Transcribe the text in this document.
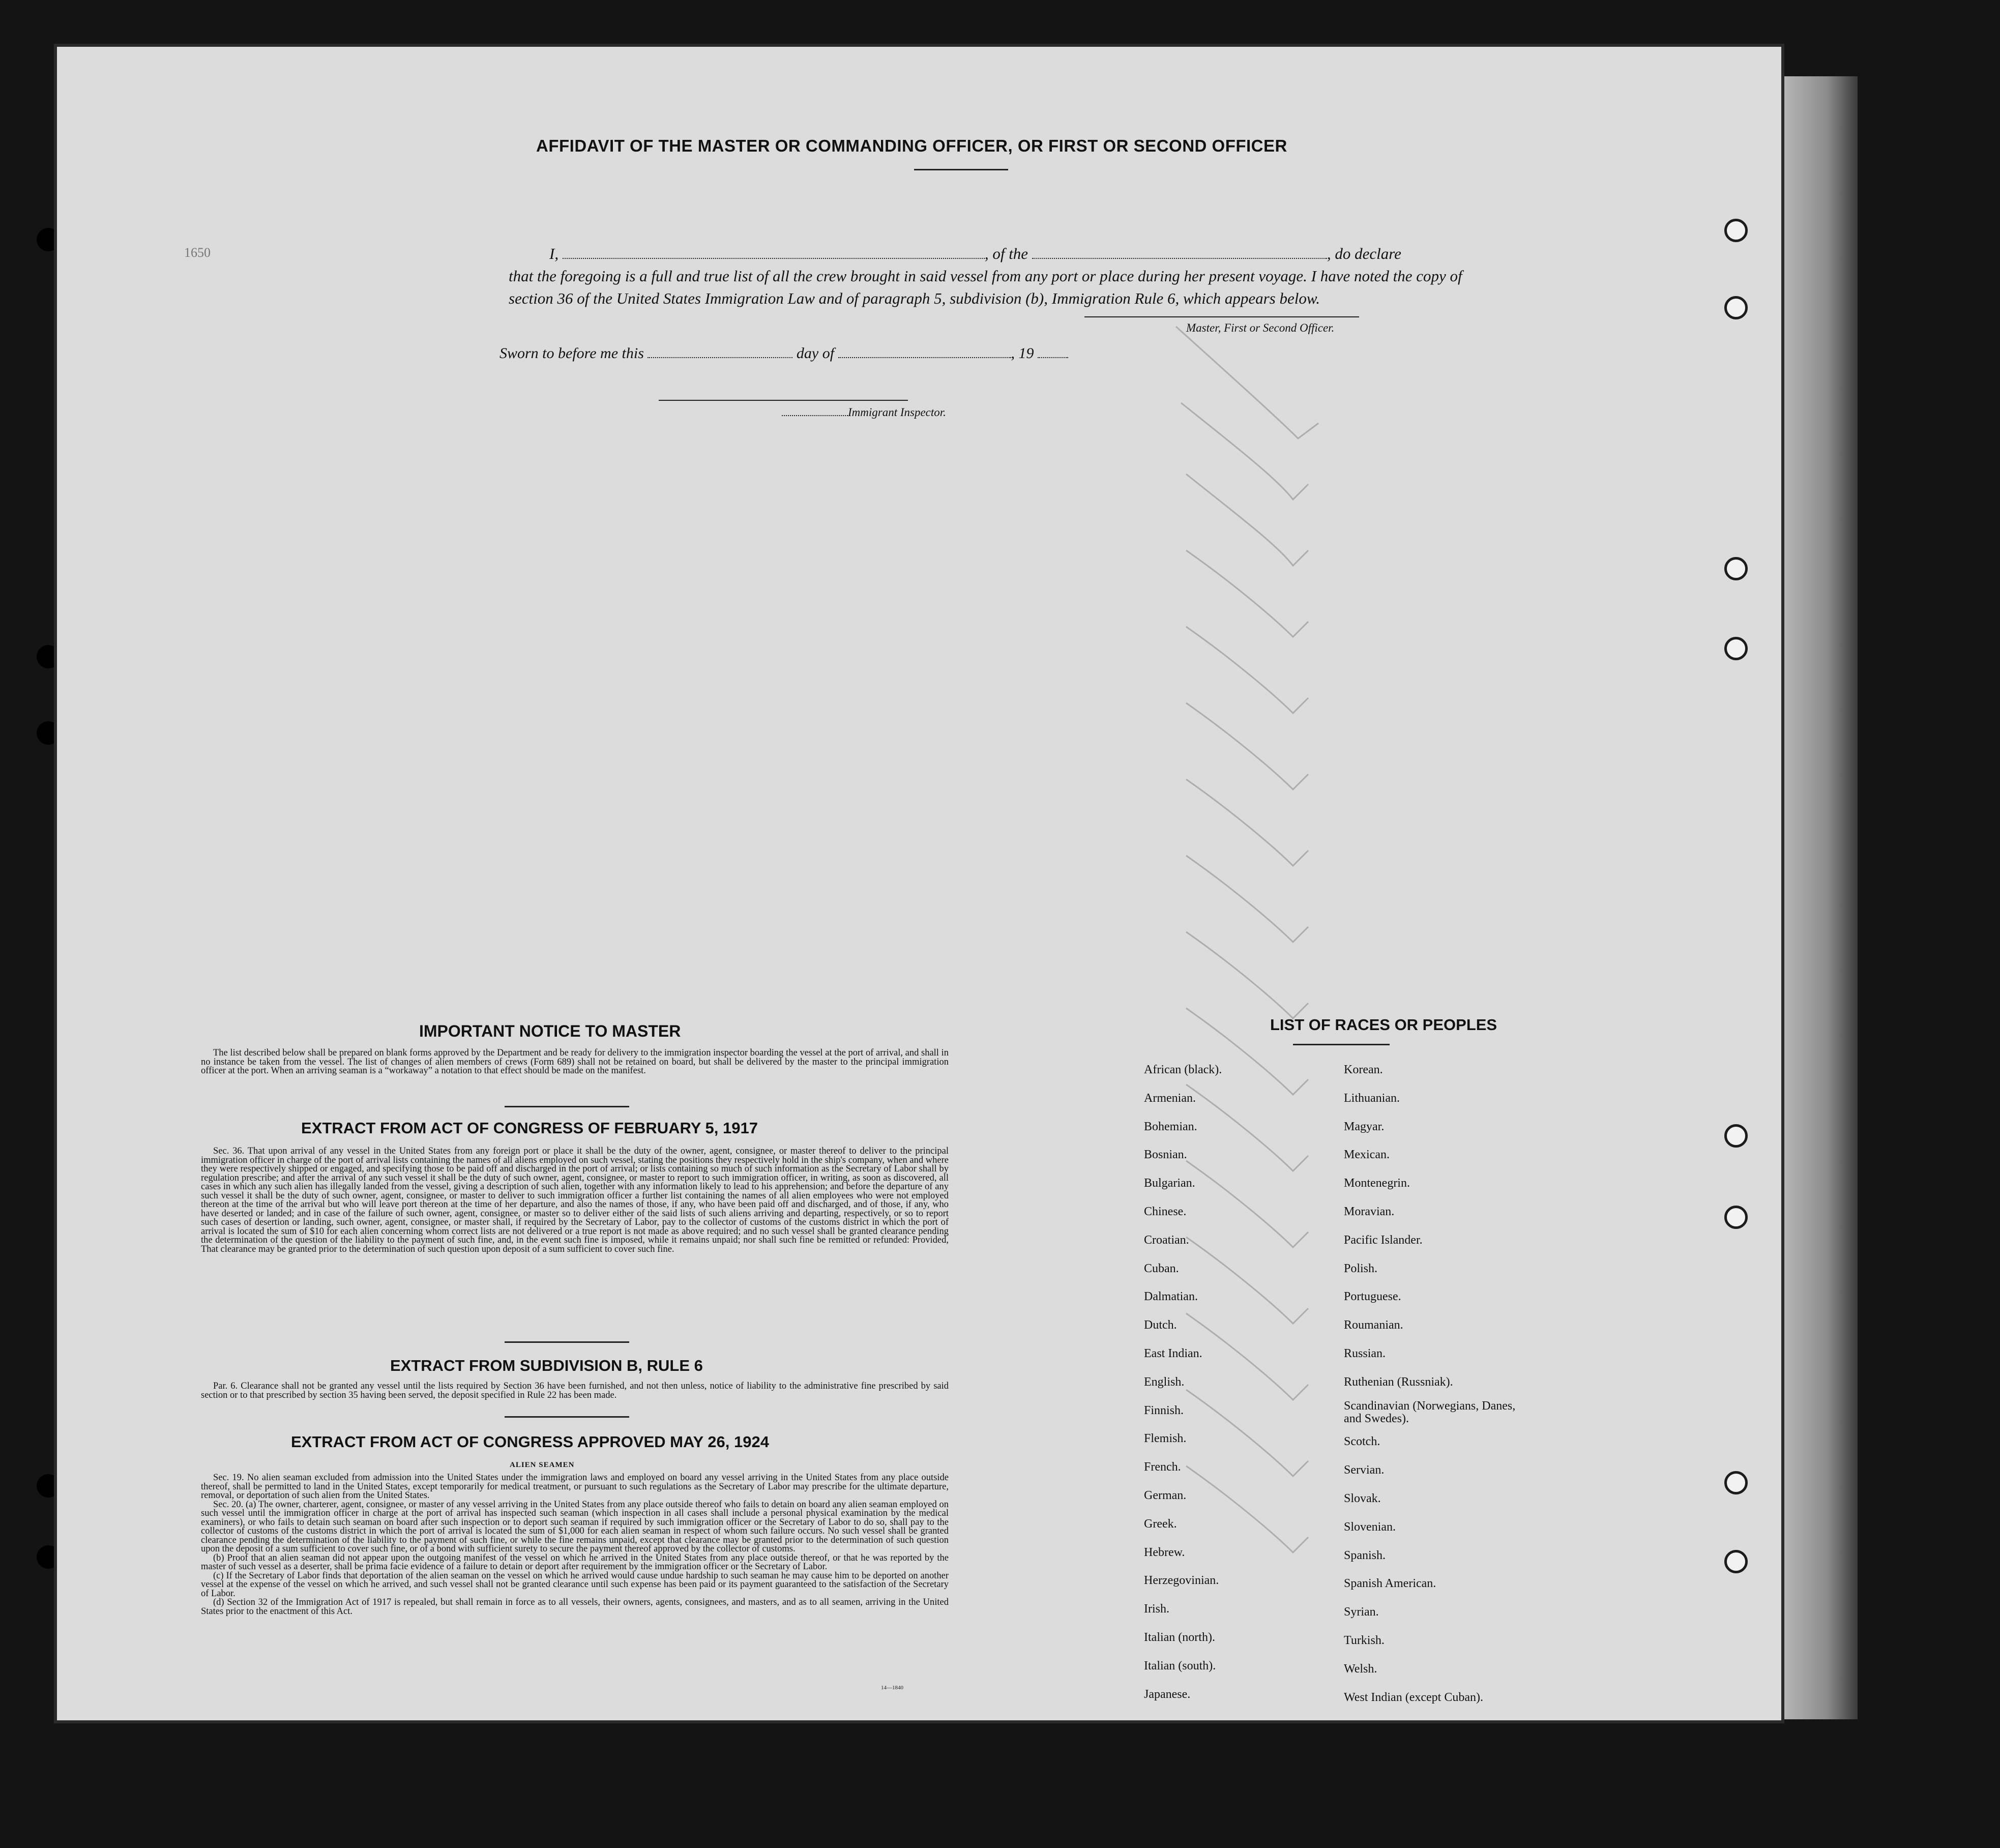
1650
AFFIDAVIT OF THE MASTER OR COMMANDING OFFICER, OR FIRST OR SECOND OFFICER
I,	, of the	, do declare
that the foregoing is a full and true list of all the crew brought in said vessel from any port or place during her present voyage. I have noted the copy of section 36 of the United States Immigration Law and of paragraph 5, subdivision (b), Immigration Rule 6, which appears below.
Master, First or Second Officer.
Sworn to before me this	day of	, 19
Immigrant Inspector.
IMPORTANT NOTICE TO MASTER

The list described below shall be prepared on blank forms approved by the Department and be ready for delivery to the immigration inspector boarding the vessel at the port of arrival, and shall in no instance be taken from the vessel. The list of changes of alien members of crews (Form 689) shall not be retained on board, but shall be delivered by the master to the principal immigration officer at the port. When an arriving seaman is a “workaway” a notation to that effect should be made on the manifest.

EXTRACT FROM ACT OF CONGRESS OF FEBRUARY 5, 1917

Sec. 36. That upon arrival of any vessel in the United States from any foreign port or place it shall be the duty of the owner, agent, consignee, or master thereof to deliver to the principal immigration officer in charge of the port of arrival lists containing the names of all aliens employed on such vessel, stating the positions they respectively hold in the ship's company, when and where they were respectively shipped or engaged, and specifying those to be paid off and discharged in the port of arrival; or lists containing so much of such information as the Secretary of Labor shall by regulation prescribe; and after the arrival of any such vessel it shall be the duty of such owner, agent, consignee, or master to report to such immigration officer, in writing, as soon as discovered, all cases in which any such alien has illegally landed from the vessel, giving a description of such alien, together with any information likely to lead to his apprehension; and before the departure of any such vessel it shall be the duty of such owner, agent, consignee, or master to deliver to such immigration officer a further list containing the names of all alien employees who were not employed thereon at the time of the arrival but who will leave port thereon at the time of her departure, and also the names of those, if any, who have been paid off and discharged, and of those, if any, who have deserted or landed; and in case of the failure of such owner, agent, consignee, or master so to deliver either of the said lists of such aliens arriving and departing, respectively, or so to report such cases of desertion or landing, such owner, agent, consignee, or master shall, if required by the Secretary of Labor, pay to the collector of customs of the customs district in which the port of arrival is located the sum of $10 for each alien concerning whom correct lists are not delivered or a true report is not made as above required; and no such vessel shall be granted clearance pending the determination of the question of the liability to the payment of such fine, and, in the event such fine is imposed, while it remains unpaid; nor shall such fine be remitted or refunded: Provided, That clearance may be granted prior to the determination of such question upon deposit of a sum sufficient to cover such fine.

EXTRACT FROM SUBDIVISION B, RULE 6

Par. 6. Clearance shall not be granted any vessel until the lists required by Section 36 have been furnished, and not then unless, notice of liability to the administrative fine prescribed by said section or to that prescribed by section 35 having been served, the deposit specified in Rule 22 has been made.

EXTRACT FROM ACT OF CONGRESS APPROVED MAY 26, 1924
ALIEN SEAMEN

Sec. 19. No alien seaman excluded from admission into the United States under the immigration laws and employed on board any vessel arriving in the United States from any place outside thereof, shall be permitted to land in the United States, except temporarily for medical treatment, or pursuant to such regulations as the Secretary of Labor may prescribe for the ultimate departure, removal, or deportation of such alien from the United States.

Sec. 20. (a) The owner, charterer, agent, consignee, or master of any vessel arriving in the United States from any place outside thereof who fails to detain on board any alien seaman employed on such vessel until the immigration officer in charge at the port of arrival has inspected such seaman (which inspection in all cases shall include a personal physical examination by the medical examiners), or who fails to detain such seaman on board after such inspection or to deport such seaman if required by such immigration officer or the Secretary of Labor to do so, shall pay to the collector of customs of the customs district in which the port of arrival is located the sum of $1,000 for each alien seaman in respect of whom such failure occurs. No such vessel shall be granted clearance pending the determination of the liability to the payment of such fine, or while the fine remains unpaid, except that clearance may be granted prior to the determination of such question upon the deposit of a sum sufficient to cover such fine, or of a bond with sufficient surety to secure the payment thereof approved by the collector of customs.

(b) Proof that an alien seaman did not appear upon the outgoing manifest of the vessel on which he arrived in the United States from any place outside thereof, or that he was reported by the master of such vessel as a deserter, shall be prima facie evidence of a failure to detain or deport after requirement by the immigration officer or the Secretary of Labor.

(c) If the Secretary of Labor finds that deportation of the alien seaman on the vessel on which he arrived would cause undue hardship to such seaman he may cause him to be deported on another vessel at the expense of the vessel on which he arrived, and such vessel shall not be granted clearance until such expense has been paid or its payment guaranteed to the satisfaction of the Secretary of Labor.

(d) Section 32 of the Immigration Act of 1917 is repealed, but shall remain in force as to all vessels, their owners, agents, consignees, and masters, and as to all seamen, arriving in the United States prior to the enactment of this Act.

14—1840
LIST OF RACES OR PEOPLES
African (black).
Armenian.
Bohemian.
Bosnian.
Bulgarian.
Chinese.
Croatian.
Cuban.
Dalmatian.
Dutch.
East Indian.
English.
Finnish.
Flemish.
French.
German.
Greek.
Hebrew.
Herzegovinian.
Irish.
Italian (north).
Italian (south).
Japanese.
Korean.
Lithuanian.
Magyar.
Mexican.
Montenegrin.
Moravian.
Pacific Islander.
Polish.
Portuguese.
Roumanian.
Russian.
Ruthenian (Russniak).
Scandinavian (Norwegians, Danes, and Swedes).
Scotch.
Servian.
Slovak.
Slovenian.
Spanish.
Spanish American.
Syrian.
Turkish.
Welsh.
West Indian (except Cuban).
